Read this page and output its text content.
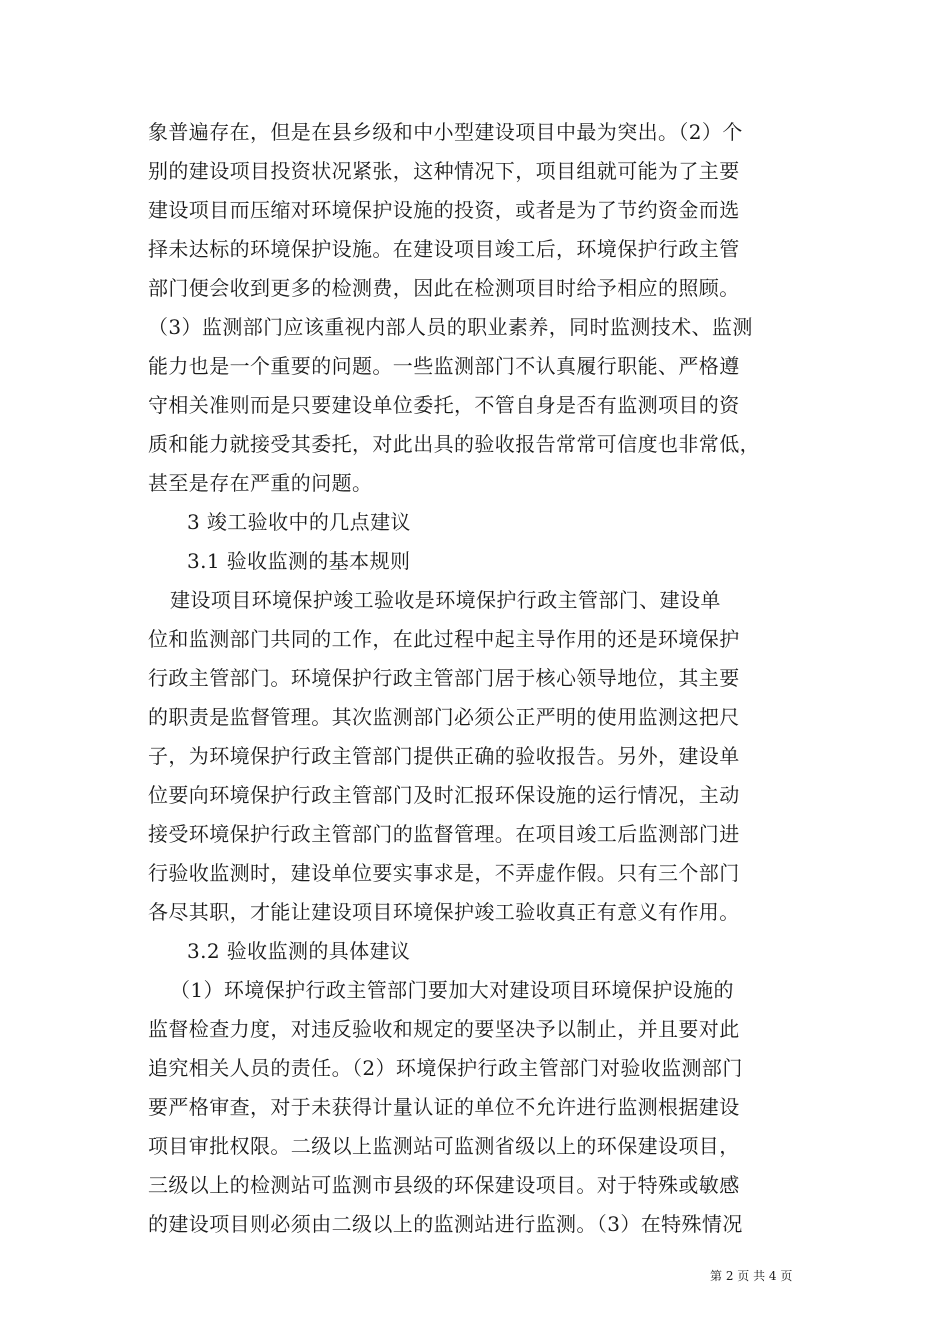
象普遍存在，但是在县乡级和中小型建设项目中最为突出。（2）个
别的建设项目投资状况紧张，这种情况下，项目组就可能为了主要
建设项目而压缩对环境保护设施的投资，或者是为了节约资金而选
择未达标的环境保护设施。在建设项目竣工后，环境保护行政主管
部门便会收到更多的检测费，因此在检测项目时给予相应的照顾。
（3）监测部门应该重视内部人员的职业素养，同时监测技术、监测
能力也是一个重要的问题。一些监测部门不认真履行职能、严格遵
守相关准则而是只要建设单位委托，不管自身是否有监测项目的资
质和能力就接受其委托，对此出具的验收报告常常可信度也非常低，
甚至是存在严重的问题。
3 竣工验收中的几点建议
3.1 验收监测的基本规则
建设项目环境保护竣工验收是环境保护行政主管部门、建设单
位和监测部门共同的工作，在此过程中起主导作用的还是环境保护
行政主管部门。环境保护行政主管部门居于核心领导地位，其主要
的职责是监督管理。其次监测部门必须公正严明的使用监测这把尺
子，为环境保护行政主管部门提供正确的验收报告。另外，建设单
位要向环境保护行政主管部门及时汇报环保设施的运行情况，主动
接受环境保护行政主管部门的监督管理。在项目竣工后监测部门进
行验收监测时，建设单位要实事求是，不弄虚作假。只有三个部门
各尽其职，才能让建设项目环境保护竣工验收真正有意义有作用。
3.2 验收监测的具体建议
（1）环境保护行政主管部门要加大对建设项目环境保护设施的
监督检查力度，对违反验收和规定的要坚决予以制止，并且要对此
追究相关人员的责任。（2）环境保护行政主管部门对验收监测部门
要严格审查，对于未获得计量认证的单位不允许进行监测根据建设
项目审批权限。二级以上监测站可监测省级以上的环保建设项目，
三级以上的检测站可监测市县级的环保建设项目。对于特殊或敏感
的建设项目则必须由二级以上的监测站进行监测。（3）在特殊情况
第 2 页 共 4 页
